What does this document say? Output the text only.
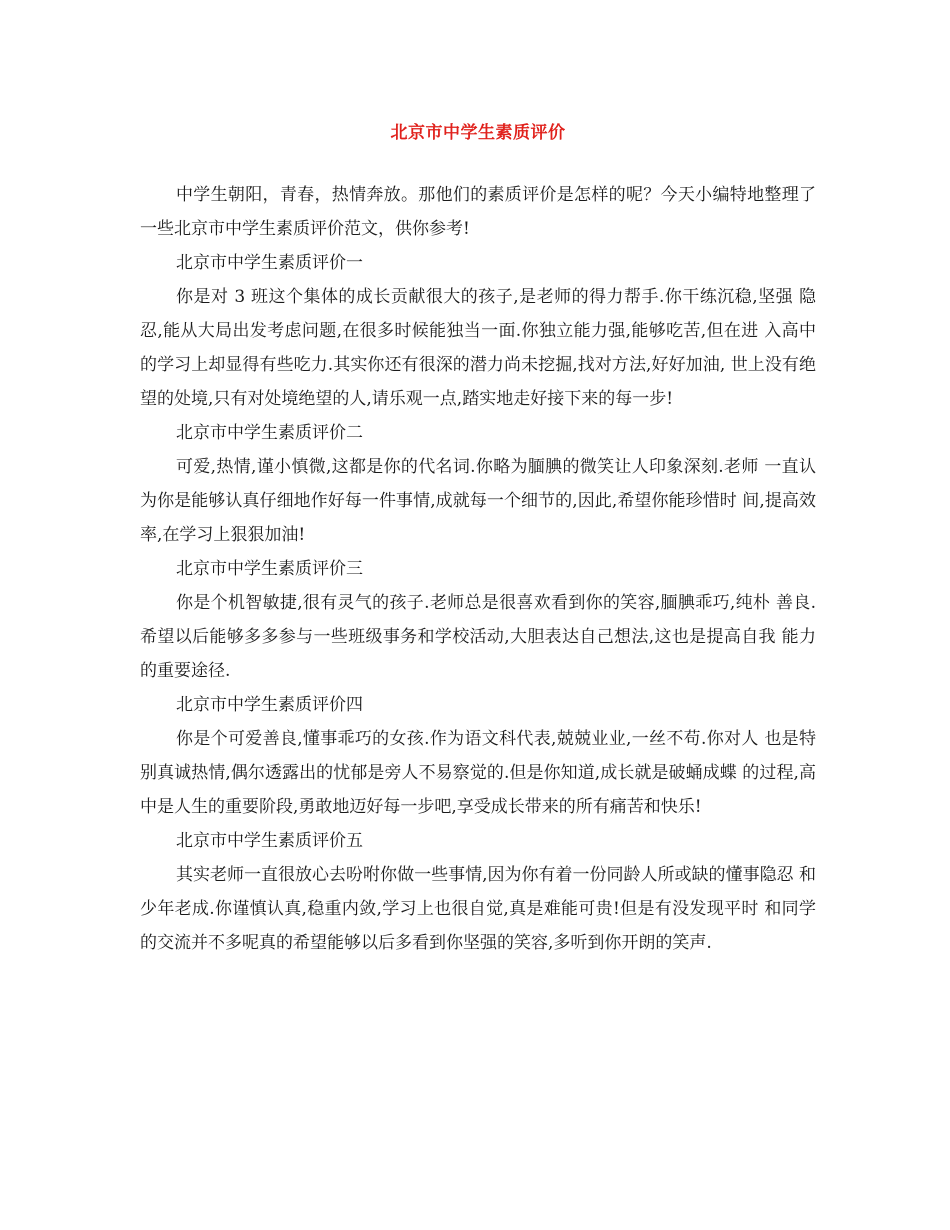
北京市中学生素质评价

中学生朝阳，青春，热情奔放。那他们的素质评价是怎样的呢？今天小编特地整理了一些北京市中学生素质评价范文，供你参考!

北京市中学生素质评价一

你是对 3 班这个集体的成长贡献很大的孩子,是老师的得力帮手.你干练沉稳,坚强 隐忍,能从大局出发考虑问题,在很多时候能独当一面.你独立能力强,能够吃苦,但在进 入高中的学习上却显得有些吃力.其实你还有很深的潜力尚未挖掘,找对方法,好好加油, 世上没有绝望的处境,只有对处境绝望的人,请乐观一点,踏实地走好接下来的每一步!

北京市中学生素质评价二

可爱,热情,谨小慎微,这都是你的代名词.你略为腼腆的微笑让人印象深刻.老师 一直认为你是能够认真仔细地作好每一件事情,成就每一个细节的,因此,希望你能珍惜时 间,提高效率,在学习上狠狠加油!

北京市中学生素质评价三

你是个机智敏捷,很有灵气的孩子.老师总是很喜欢看到你的笑容,腼腆乖巧,纯朴 善良.希望以后能够多多参与一些班级事务和学校活动,大胆表达自己想法,这也是提高自我 能力的重要途径.

北京市中学生素质评价四

你是个可爱善良,懂事乖巧的女孩.作为语文科代表,兢兢业业,一丝不苟.你对人 也是特别真诚热情,偶尔透露出的忧郁是旁人不易察觉的.但是你知道,成长就是破蛹成蝶 的过程,高中是人生的重要阶段,勇敢地迈好每一步吧,享受成长带来的所有痛苦和快乐!

北京市中学生素质评价五

其实老师一直很放心去吩咐你做一些事情,因为你有着一份同龄人所或缺的懂事隐忍 和少年老成.你谨慎认真,稳重内敛,学习上也很自觉,真是难能可贵!但是有没发现平时 和同学的交流并不多呢真的希望能够以后多看到你坚强的笑容,多听到你开朗的笑声.
